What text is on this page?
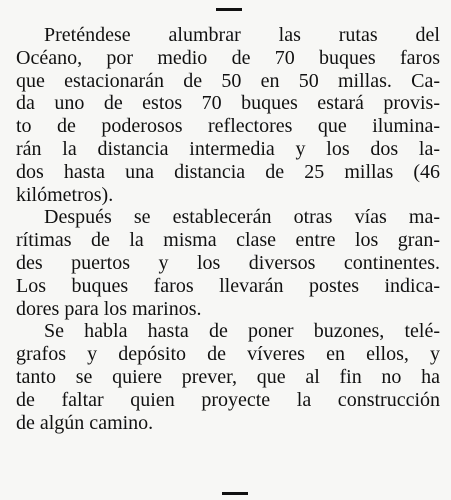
Preténdese alumbrar las rutas del
Océano, por medio de 70 buques faros
que estacionarán de 50 en 50 millas. Ca-
da uno de estos 70 buques estará provis-
to de poderosos reflectores que ilumina-
rán la distancia intermedia y los dos la-
dos hasta una distancia de 25 millas (46
kilómetros).
Después se establecerán otras vías ma-
rítimas de la misma clase entre los gran-
des puertos y los diversos continentes.
Los buques faros llevarán postes indica-
dores para los marinos.
Se habla hasta de poner buzones, telé-
grafos y depósito de víveres en ellos, y
tanto se quiere prever, que al fin no ha
de faltar quien proyecte la construcción
de algún camino.
